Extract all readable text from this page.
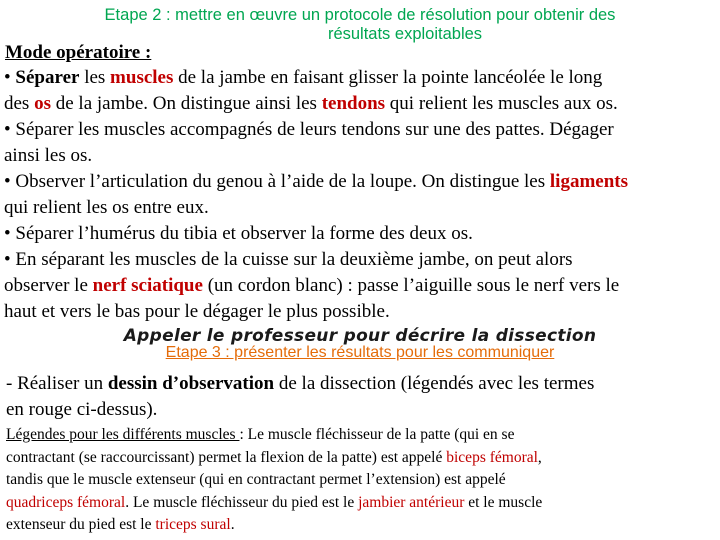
Etape 2 : mettre en œuvre un protocole de résolution pour obtenir des
résultats exploitables
Mode opératoire :
• Séparer les muscles de la jambe en faisant glisser la pointe lancéolée le long
des os de la jambe. On distingue ainsi les tendons qui relient les muscles aux os.
• Séparer les muscles accompagnés de leurs tendons sur une des pattes. Dégager
ainsi les os.
• Observer l’articulation du genou à l’aide de la loupe. On distingue les ligaments
qui relient les os entre eux.
• Séparer l’humérus du tibia et observer la forme des deux os.
• En séparant les muscles de la cuisse sur la deuxième jambe, on peut alors
observer le nerf sciatique (un cordon blanc) : passe l’aiguille sous le nerf vers le
haut et vers le bas pour le dégager le plus possible.
Appeler le professeur pour décrire la dissection
Etape 3 : présenter les résultats pour les communiquer
- Réaliser un dessin d’observation de la dissection (légendés avec les termes
en rouge ci-dessus).
Légendes pour les différents muscles : Le muscle fléchisseur de la patte (qui en se
contractant (se raccourcissant) permet la flexion de la patte) est appelé biceps fémoral,
tandis que le muscle extenseur (qui en contractant permet l’extension) est appelé
quadriceps fémoral. Le muscle fléchisseur du pied est le jambier antérieur et le muscle
extenseur du pied est le triceps sural.
